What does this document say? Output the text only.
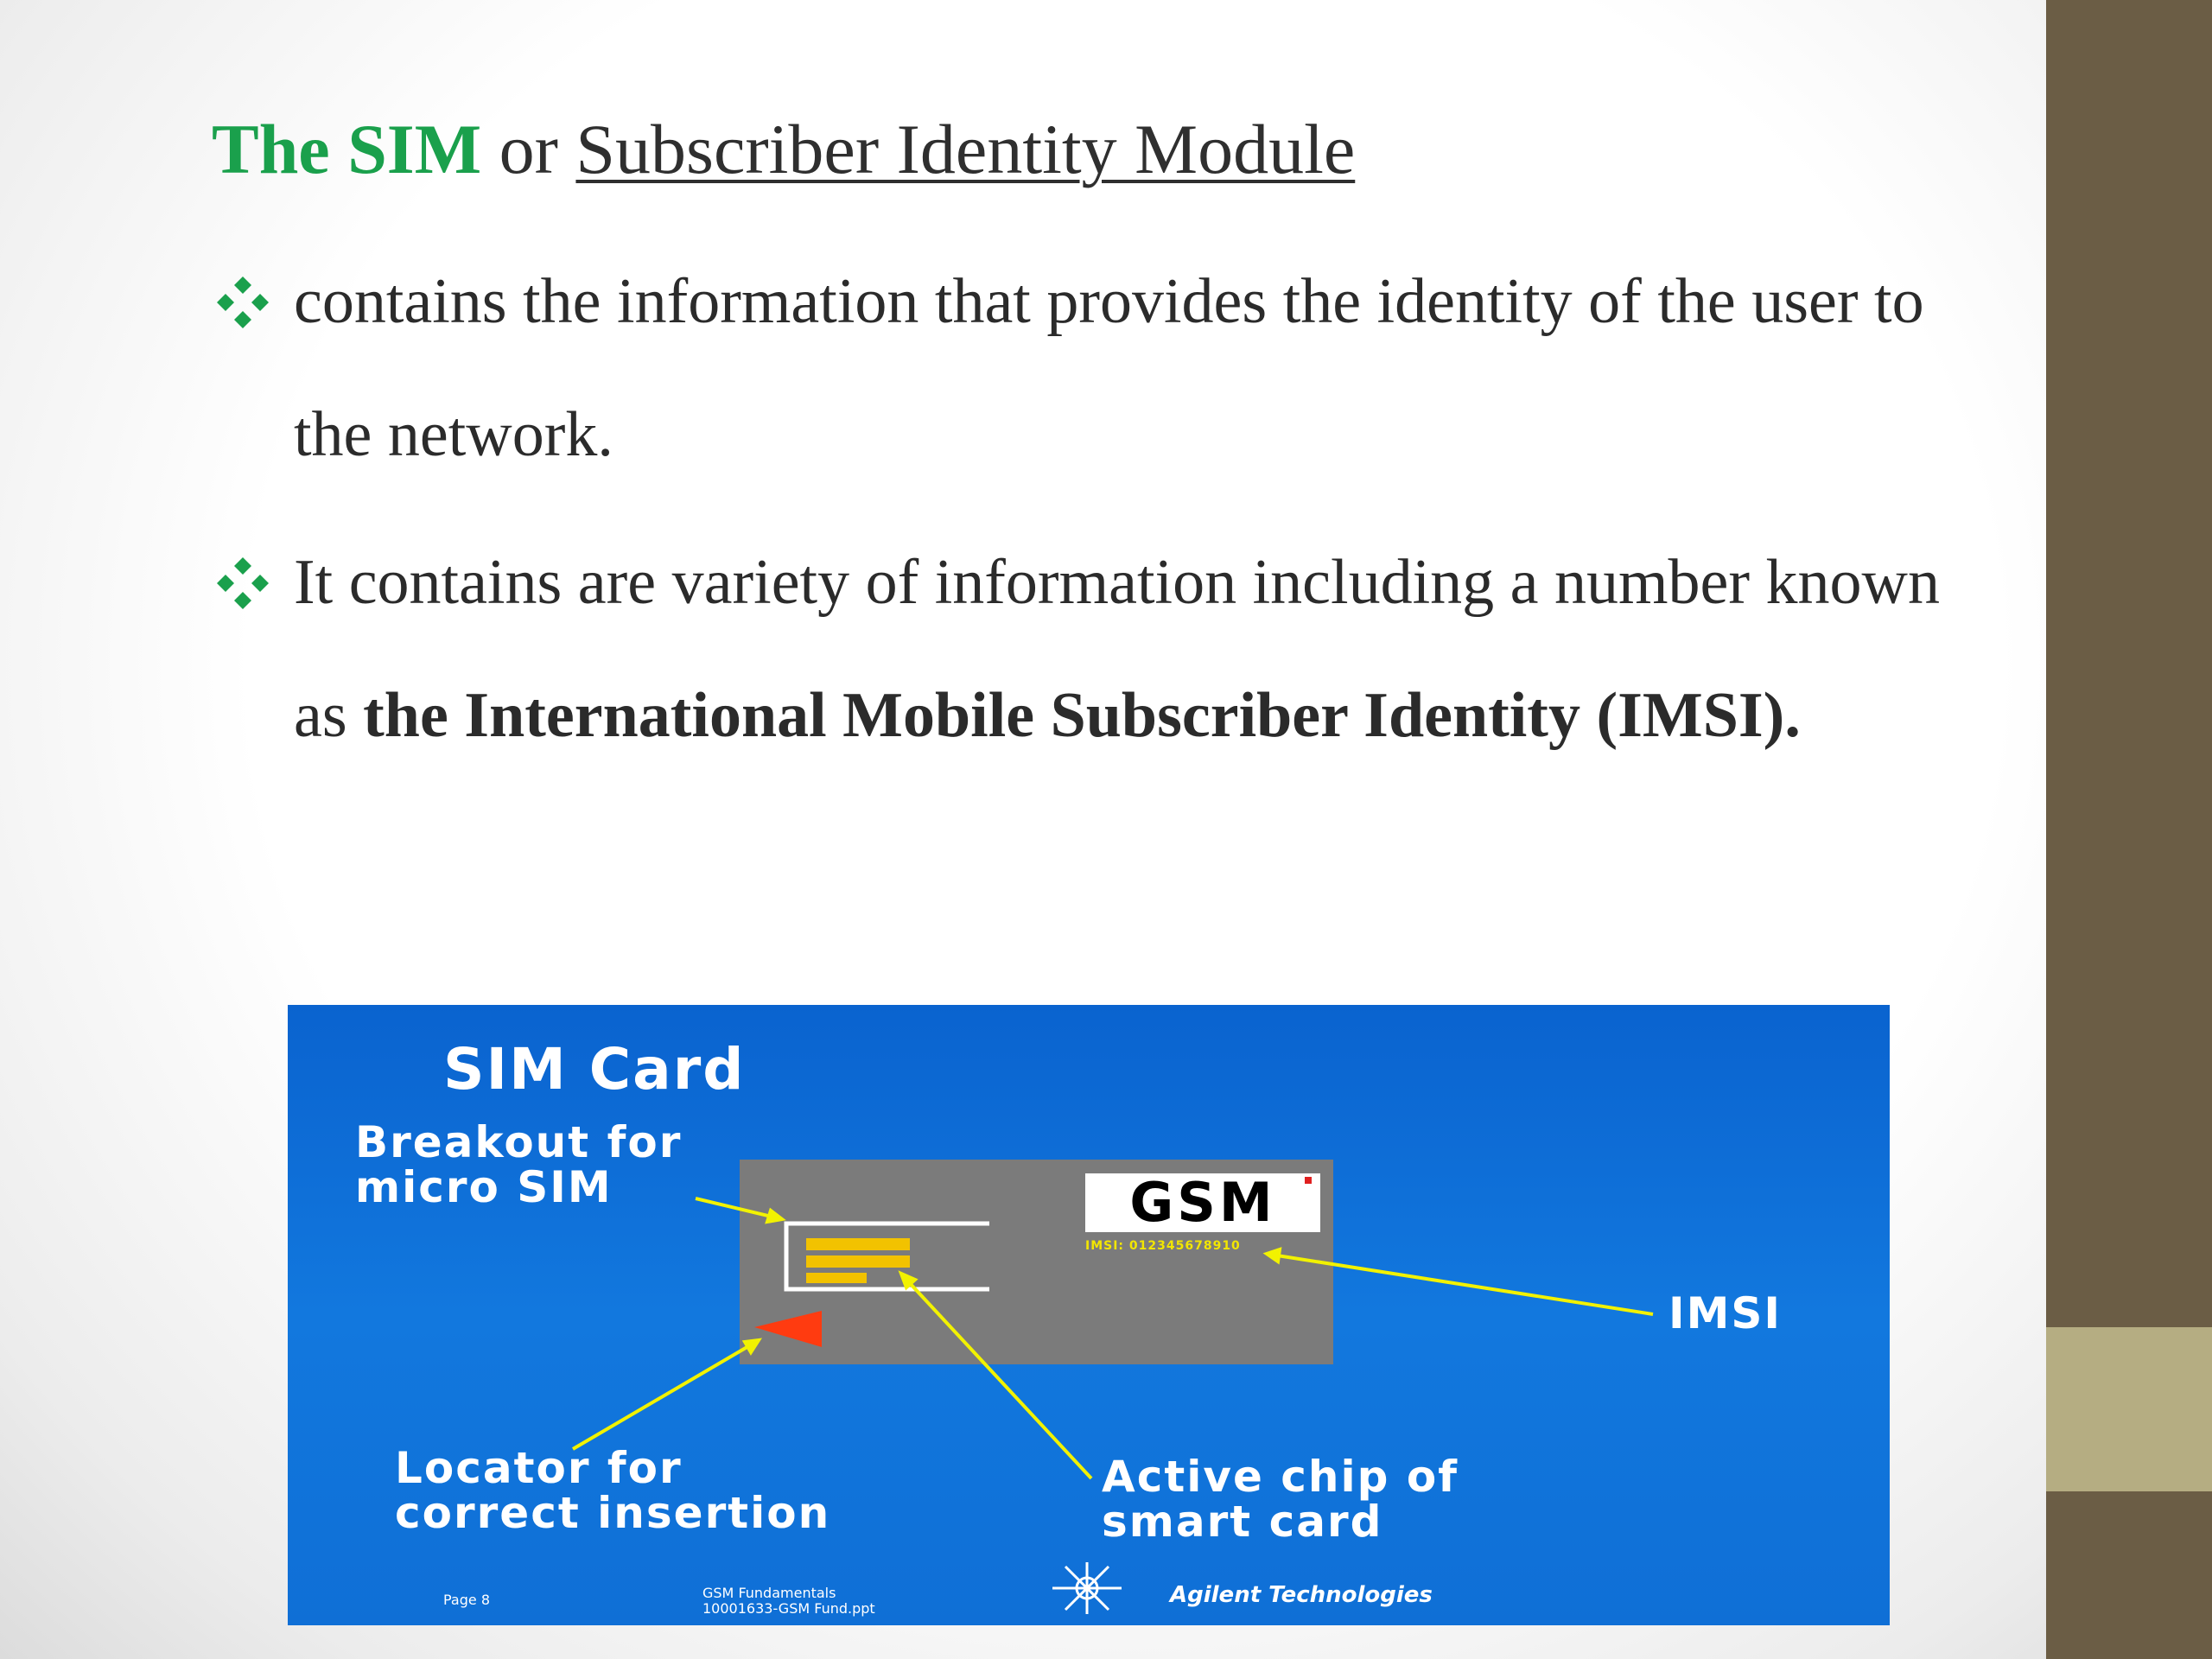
The SIM or Subscriber Identity Module
contains the information that provides the identity of the user to the network.
It contains are variety of information including a number known as the International Mobile Subscriber Identity (IMSI).
SIM Card
Breakout for
micro SIM	GSM
IMSI: 012345678910
IMSI
Locator for
correct insertion
Active chip of
smart card
Page 8	GSM Fundamentals
10001633-GSM Fund.ppt
Agilent Technologies
